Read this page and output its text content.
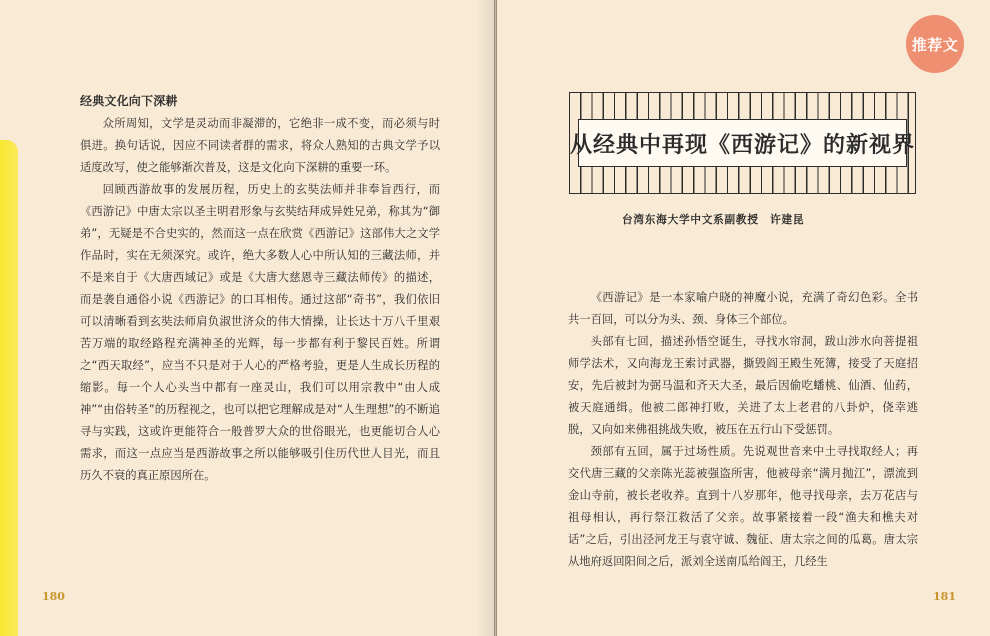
经典文化向下深耕

众所周知，文学是灵动而非凝滞的，它绝非一成不变，而必须与时俱进。换句话说，因应不同读者群的需求，将众人熟知的古典文学予以适度改写，使之能够渐次普及，这是文化向下深耕的重要一环。

回顾西游故事的发展历程，历史上的玄奘法师并非奉旨西行，而《西游记》中唐太宗以圣主明君形象与玄奘结拜成异姓兄弟，称其为“御弟”，无疑是不合史实的，然而这一点在欣赏《西游记》这部伟大之文学作品时，实在无须深究。或许，绝大多数人心中所认知的三藏法师，并不是来自于《大唐西域记》或是《大唐大慈恩寺三藏法师传》的描述，而是袭自通俗小说《西游记》的口耳相传。通过这部“奇书”，我们依旧可以清晰看到玄奘法师肩负淑世济众的伟大情操，让长达十万八千里艰苦万端的取经路程充满神圣的光辉，每一步都有利于黎民百姓。所谓之“西天取经”，应当不只是对于人心的严格考验，更是人生成长历程的缩影。每一个人心头当中都有一座灵山，我们可以用宗教中“由人成神”“由俗转圣”的历程视之，也可以把它理解成是对“人生理想”的不断追寻与实践，这或许更能符合一般普罗大众的世俗眼光，也更能切合人心需求，而这一点应当是西游故事之所以能够吸引住历代世人目光，而且历久不衰的真正原因所在。

180
推荐文
从经典中再现《西游记》的新视界
台湾东海大学中文系副教授　许建昆

《西游记》是一本家喻户晓的神魔小说，充满了奇幻色彩。全书共一百回，可以分为头、颈、身体三个部位。

头部有七回，描述孙悟空诞生，寻找水帘洞，跋山涉水向菩提祖师学法术，又向海龙王索讨武器，撕毁阎王殿生死簿，接受了天庭招安，先后被封为弼马温和齐天大圣，最后因偷吃蟠桃、仙酒、仙药，被天庭通缉。他被二郎神打败，关进了太上老君的八卦炉，侥幸逃脱，又向如来佛祖挑战失败，被压在五行山下受惩罚。

颈部有五回，属于过场性质。先说观世音来中土寻找取经人；再交代唐三藏的父亲陈光蕊被强盗所害，他被母亲“满月抛江”，漂流到金山寺前，被长老收养。直到十八岁那年，他寻找母亲，去万花店与祖母相认，再行祭江救活了父亲。故事紧接着一段“渔夫和樵夫对话”之后，引出泾河龙王与袁守诚、魏征、唐太宗之间的瓜葛。唐太宗从地府返回阳间之后，派刘全送南瓜给阎王，几经生

181
